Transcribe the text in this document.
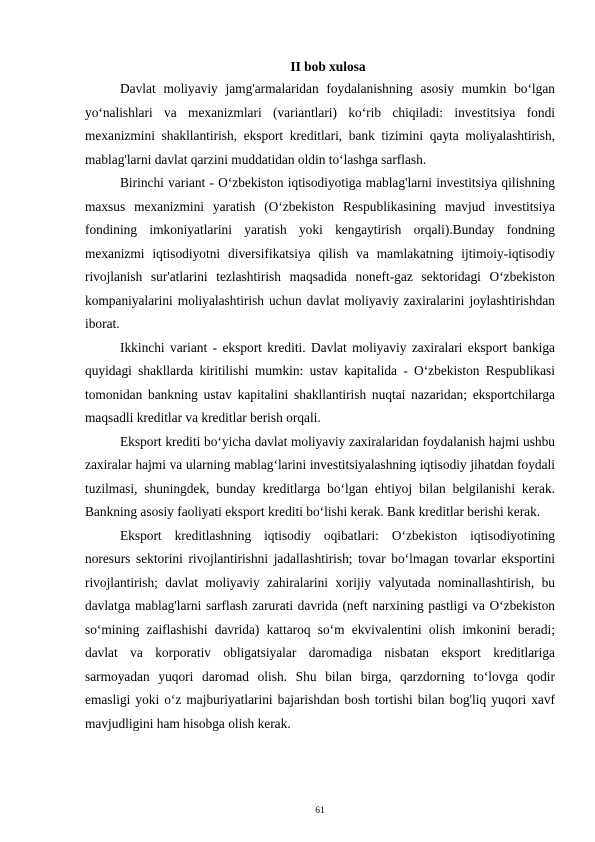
II bob xulosa

Davlat moliyaviy jamg'armalaridan foydalanishning asosiy mumkin bo‘lgan yo‘nalishlari va mexanizmlari (variantlari) ko‘rib chiqiladi: investitsiya fondi mexanizmini shakllantirish, eksport kreditlari, bank tizimini qayta moliyalashtirish, mablag'larni davlat qarzini muddatidan oldin to‘lashga sarflash.

Birinchi variant - O‘zbekiston iqtisodiyotiga mablag'larni investitsiya qilishning maxsus mexanizmini yaratish (O‘zbekiston Respublikasining mavjud investitsiya fondining imkoniyatlarini yaratish yoki kengaytirish orqali).Bunday fondning mexanizmi iqtisodiyotni diversifikatsiya qilish va mamlakatning ijtimoiy-iqtisodiy rivojlanish sur'atlarini tezlashtirish maqsadida noneft-gaz sektoridagi O‘zbekiston kompaniyalarini moliyalashtirish uchun davlat moliyaviy zaxiralarini joylashtirishdan iborat.

Ikkinchi variant - eksport krediti. Davlat moliyaviy zaxiralari eksport bankiga quyidagi shakllarda kiritilishi mumkin: ustav kapitalida - O‘zbekiston Respublikasi tomonidan bankning ustav kapitalini shakllantirish nuqtai nazaridan; eksportchilarga maqsadli kreditlar va kreditlar berish orqali.

Eksport krediti bo‘yicha davlat moliyaviy zaxiralaridan foydalanish hajmi ushbu zaxiralar hajmi va ularning mablag‘larini investitsiyalashning iqtisodiy jihatdan foydali tuzilmasi, shuningdek, bunday kreditlarga bo‘lgan ehtiyoj bilan belgilanishi kerak. Bankning asosiy faoliyati eksport krediti bo‘lishi kerak. Bank kreditlar berishi kerak.

Eksport kreditlashning iqtisodiy oqibatlari: O‘zbekiston iqtisodiyotining noresurs sektorini rivojlantirishni jadallashtirish; tovar bo‘lmagan tovarlar eksportini rivojlantirish; davlat moliyaviy zahiralarini xorijiy valyutada nominallashtirish, bu davlatga mablag'larni sarflash zarurati davrida (neft narxining pastligi va O‘zbekiston so‘mining zaiflashishi davrida) kattaroq so‘m ekvivalentini olish imkonini beradi; davlat va korporativ obligatsiyalar daromadiga nisbatan eksport kreditlariga sarmoyadan yuqori daromad olish. Shu bilan birga, qarzdorning to‘lovga qodir emasligi yoki o‘z majburiyatlarini bajarishdan bosh tortishi bilan bog'liq yuqori xavf mavjudligini ham hisobga olish kerak.

61
